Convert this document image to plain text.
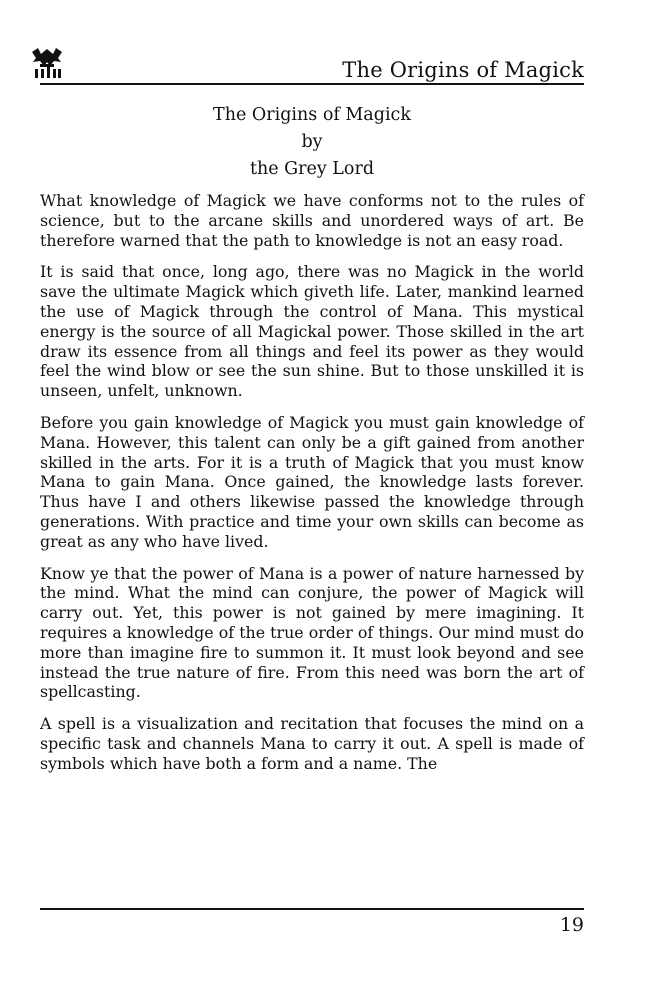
The Origins of Magick
The Origins of Magick
by
the Grey Lord

What knowledge of Magick we have conforms not to the rules of science, but to the arcane skills and unordered ways of art. Be therefore warned that the path to knowledge is not an easy road.

It is said that once, long ago, there was no Magick in the world save the ultimate Magick which giveth life. Later, mankind learned the use of Magick through the control of Mana. This mystical energy is the source of all Magickal power. Those skilled in the art draw its essence from all things and feel its power as they would feel the wind blow or see the sun shine. But to those unskilled it is unseen, unfelt, unknown.

Before you gain knowledge of Magick you must gain knowledge of Mana. However, this talent can only be a gift gained from another skilled in the arts. For it is a truth of Magick that you must know Mana to gain Mana. Once gained, the knowledge lasts forever. Thus have I and others likewise passed the knowledge through generations. With practice and time your own skills can become as great as any who have lived.

Know ye that the power of Mana is a power of nature harnessed by the mind. What the mind can conjure, the power of Magick will carry out. Yet, this power is not gained by mere imagining. It requires a knowledge of the true order of things. Our mind must do more than imagine fire to summon it. It must look beyond and see instead the true nature of fire. From this need was born the art of spellcasting.

A spell is a visualization and recitation that focuses the mind on a specific task and channels Mana to carry it out. A spell is made of symbols which have both a form and a name. The

19
